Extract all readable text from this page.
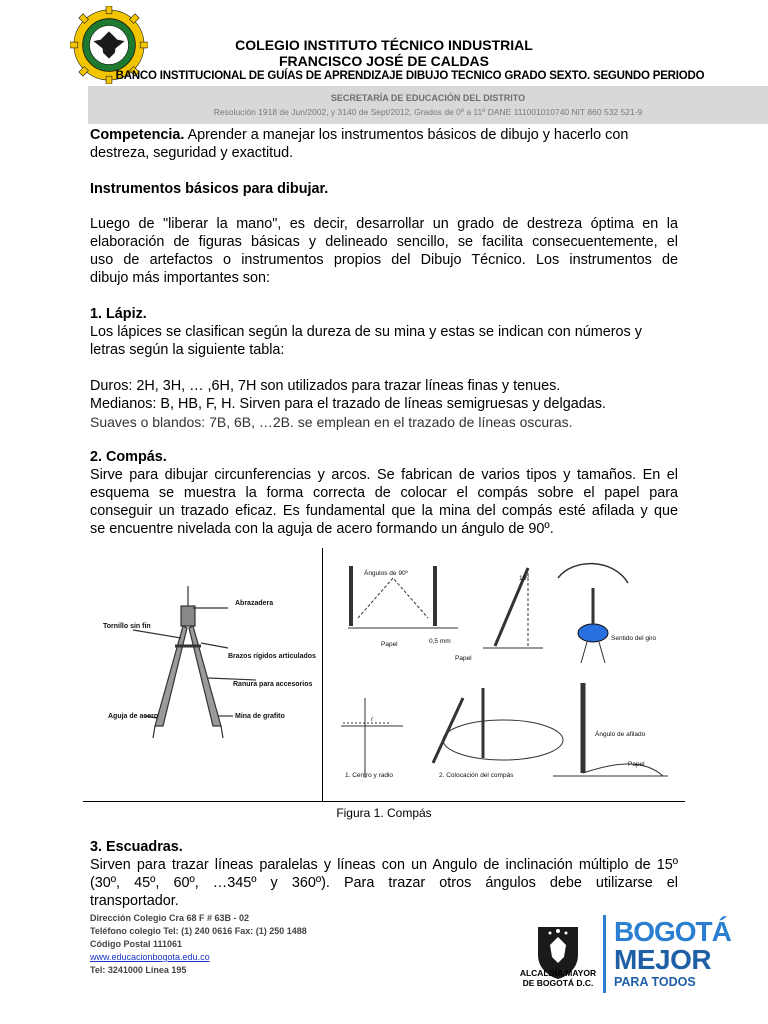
COLEGIO INSTITUTO TÉCNICO INDUSTRIAL
FRANCISCO JOSÉ DE CALDAS
BANCO INSTITUCIONAL DE GUÍAS DE APRENDIZAJE DIBUJO TECNICO GRADO SEXTO. SEGUNDO PERIODO
SECRETARÍA DE EDUCACIÓN DEL DISTRITO
Resolución 1918 de Jun/2002, y 3140 de Sept/2012, Grados de 0º a 11º DANE 111001010740 NIT 860 532 521-9
Competencia. Aprender a manejar los instrumentos básicos de dibujo y hacerlo con
destreza, seguridad y exactitud.
Instrumentos básicos para dibujar.
Luego de "liberar la mano", es decir, desarrollar un grado de destreza óptima en la
elaboración de figuras básicas y delineado sencillo, se facilita consecuentemente, el
uso de artefactos o instrumentos propios del Dibujo Técnico. Los instrumentos de
dibujo más importantes son:
1. Lápiz.
Los lápices se clasifican según la dureza de su mina y estas se indican con números y
letras según la siguiente tabla:
Duros: 2H, 3H, … ,6H, 7H son utilizados para trazar líneas finas y tenues.
Medianos: B, HB, F, H. Sirven para el trazado de líneas semigruesas y delgadas.
Suaves o blandos: 7B, 6B, …2B. se emplean en el trazado de líneas oscuras.
2. Compás.
Sirve para dibujar circunferencias y arcos. Se fabrican de varios tipos y tamaños. En el
esquema se muestra la forma correcta de colocar el compás sobre el papel para
conseguir un trazado eficaz. Es fundamental que la mina del compás esté afilada y que
se encuentre nivelada con la aguja de acero formando un ángulo de 90º.
Abrazadera
Tornillo sin fin
Brazos rígidos articulados
Ranura para accesorios
Aguja de acero	Mina de grafito
Ángulos de 90º
15º
0,5 mm
Papel
Papel
Sentido del giro
r
1. Centro y radio	2. Colocación del compás
Ángulo de afilado
Papel
Figura 1. Compás
3. Escuadras.
Sirven para trazar líneas paralelas y líneas con un Angulo de inclinación múltiplo de 15º
(30º, 45º, 60º, …345º y 360º). Para trazar otros ángulos debe utilizarse el
transportador.
Dirección Colegio Cra 68 F # 63B - 02
Teléfono colegio Tel: (1) 240 0616 Fax: (1) 250 1488
Código Postal 111061
www.educacionbogota.edu.co
Tel: 3241000 Línea 195	ALCALDÍA MAYOR
DE BOGOTÁ D.C.
BOGOTÁ
MEJOR
PARA TODOS
